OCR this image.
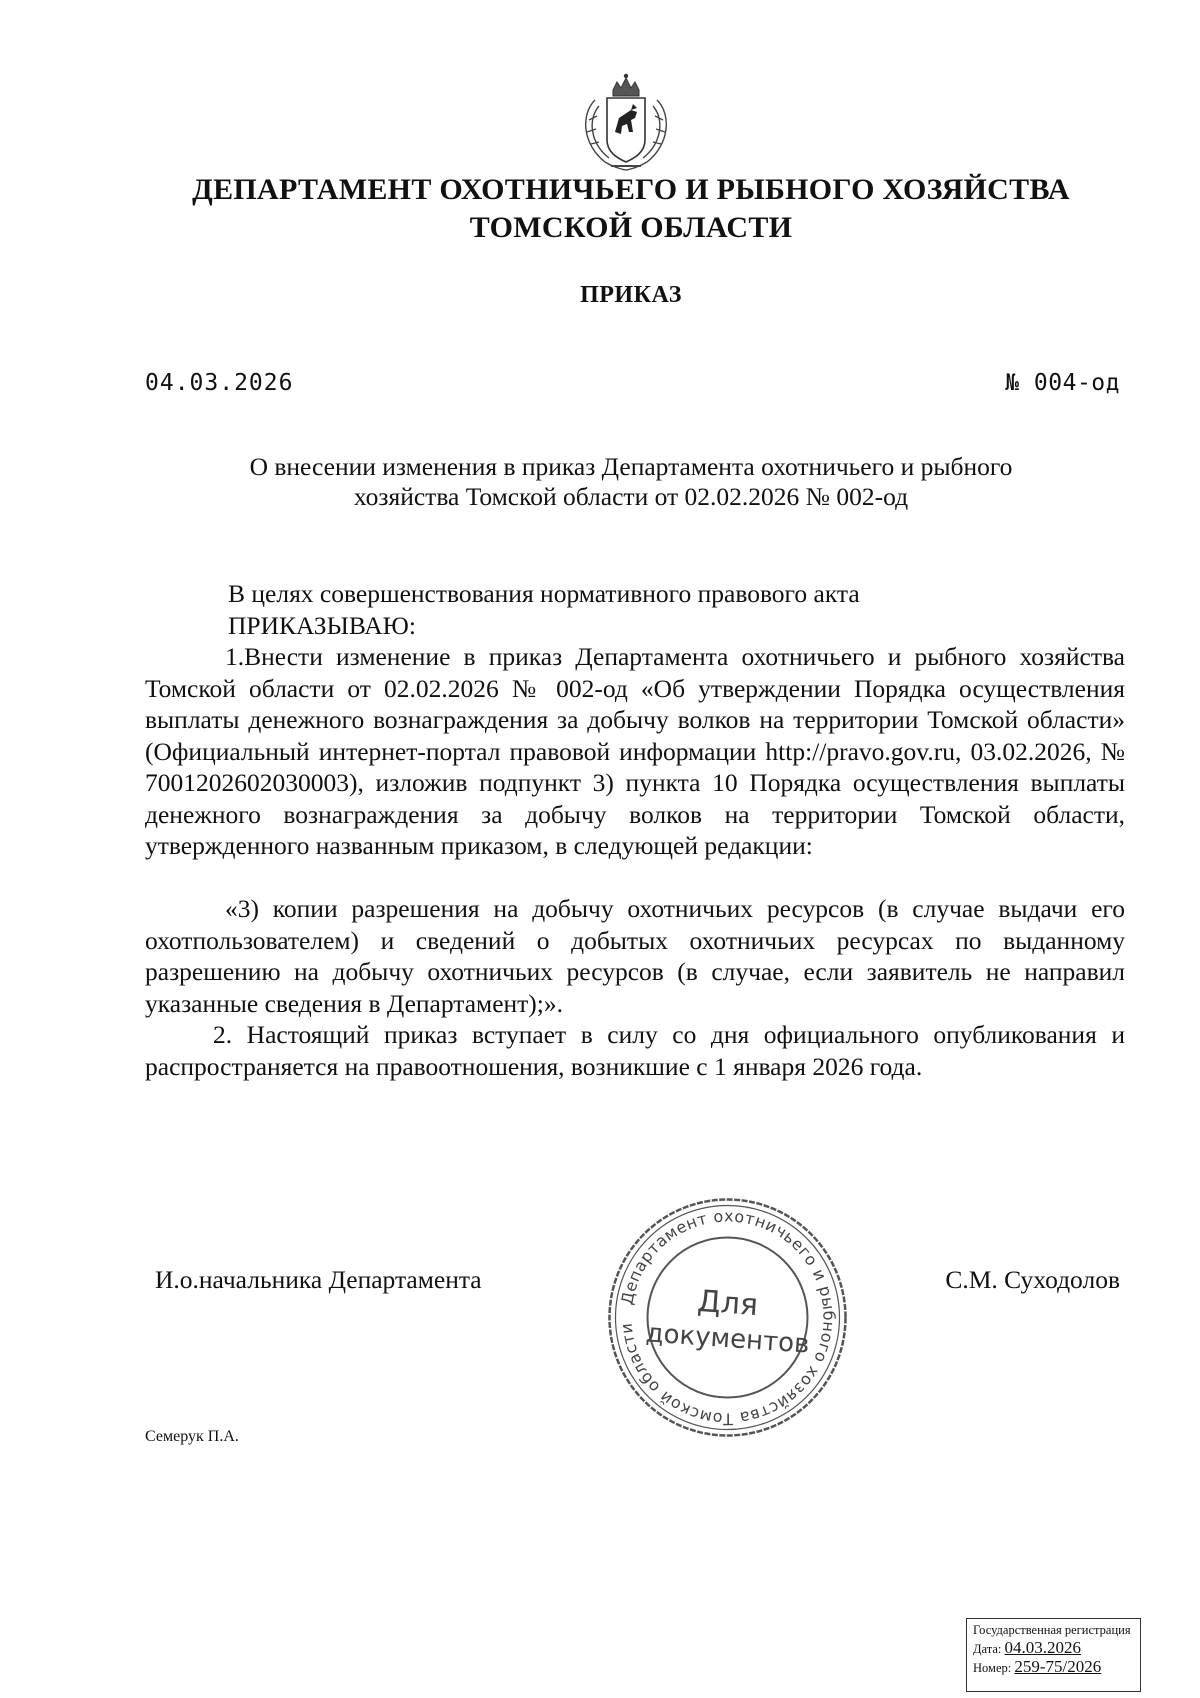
ДЕПАРТАМЕНТ ОХОТНИЧЬЕГО И РЫБНОГО ХОЗЯЙСТВА
ТОМСКОЙ ОБЛАСТИ
ПРИКАЗ
04.03.2026	№ 004-од
О внесении изменения в приказ Департамента охотничьего и рыбного
хозяйства Томской области от 02.02.2026 № 002-од
В целях совершенствования нормативного правового акта
ПРИКАЗЫВАЮ:
1.Внести изменение в приказ Департамента охотничьего и рыбного хозяйства Томской области от 02.02.2026 № 002-од «Об утверждении Порядка осуществления выплаты денежного вознаграждения за добычу волков на территории Томской области» (Официальный интернет-портал правовой информации http://pravo.gov.ru, 03.02.2026, № 7001202602030003), изложив подпункт 3) пункта 10 Порядка осуществления выплаты денежного вознаграждения за добычу волков на территории Томской области, утвержденного названным приказом, в следующей редакции:
«3) копии разрешения на добычу охотничьих ресурсов (в случае выдачи его охотпользователем) и сведений о добытых охотничьих ресурсах по выданному разрешению на добычу охотничьих ресурсов (в случае, если заявитель не направил указанные сведения в Департамент);».
2. Настоящий приказ вступает в силу со дня официального опубликования и распространяется на правоотношения, возникшие с 1 января 2026 года.
И.о.начальника Департамента	С.М. Суходолов
Департамент охотничьего и рыбного хозяйства Томской области
Для
документов
Семерук П.А.
Государственная регистрация
Дата: 04.03.2026
Номер: 259-75/2026
